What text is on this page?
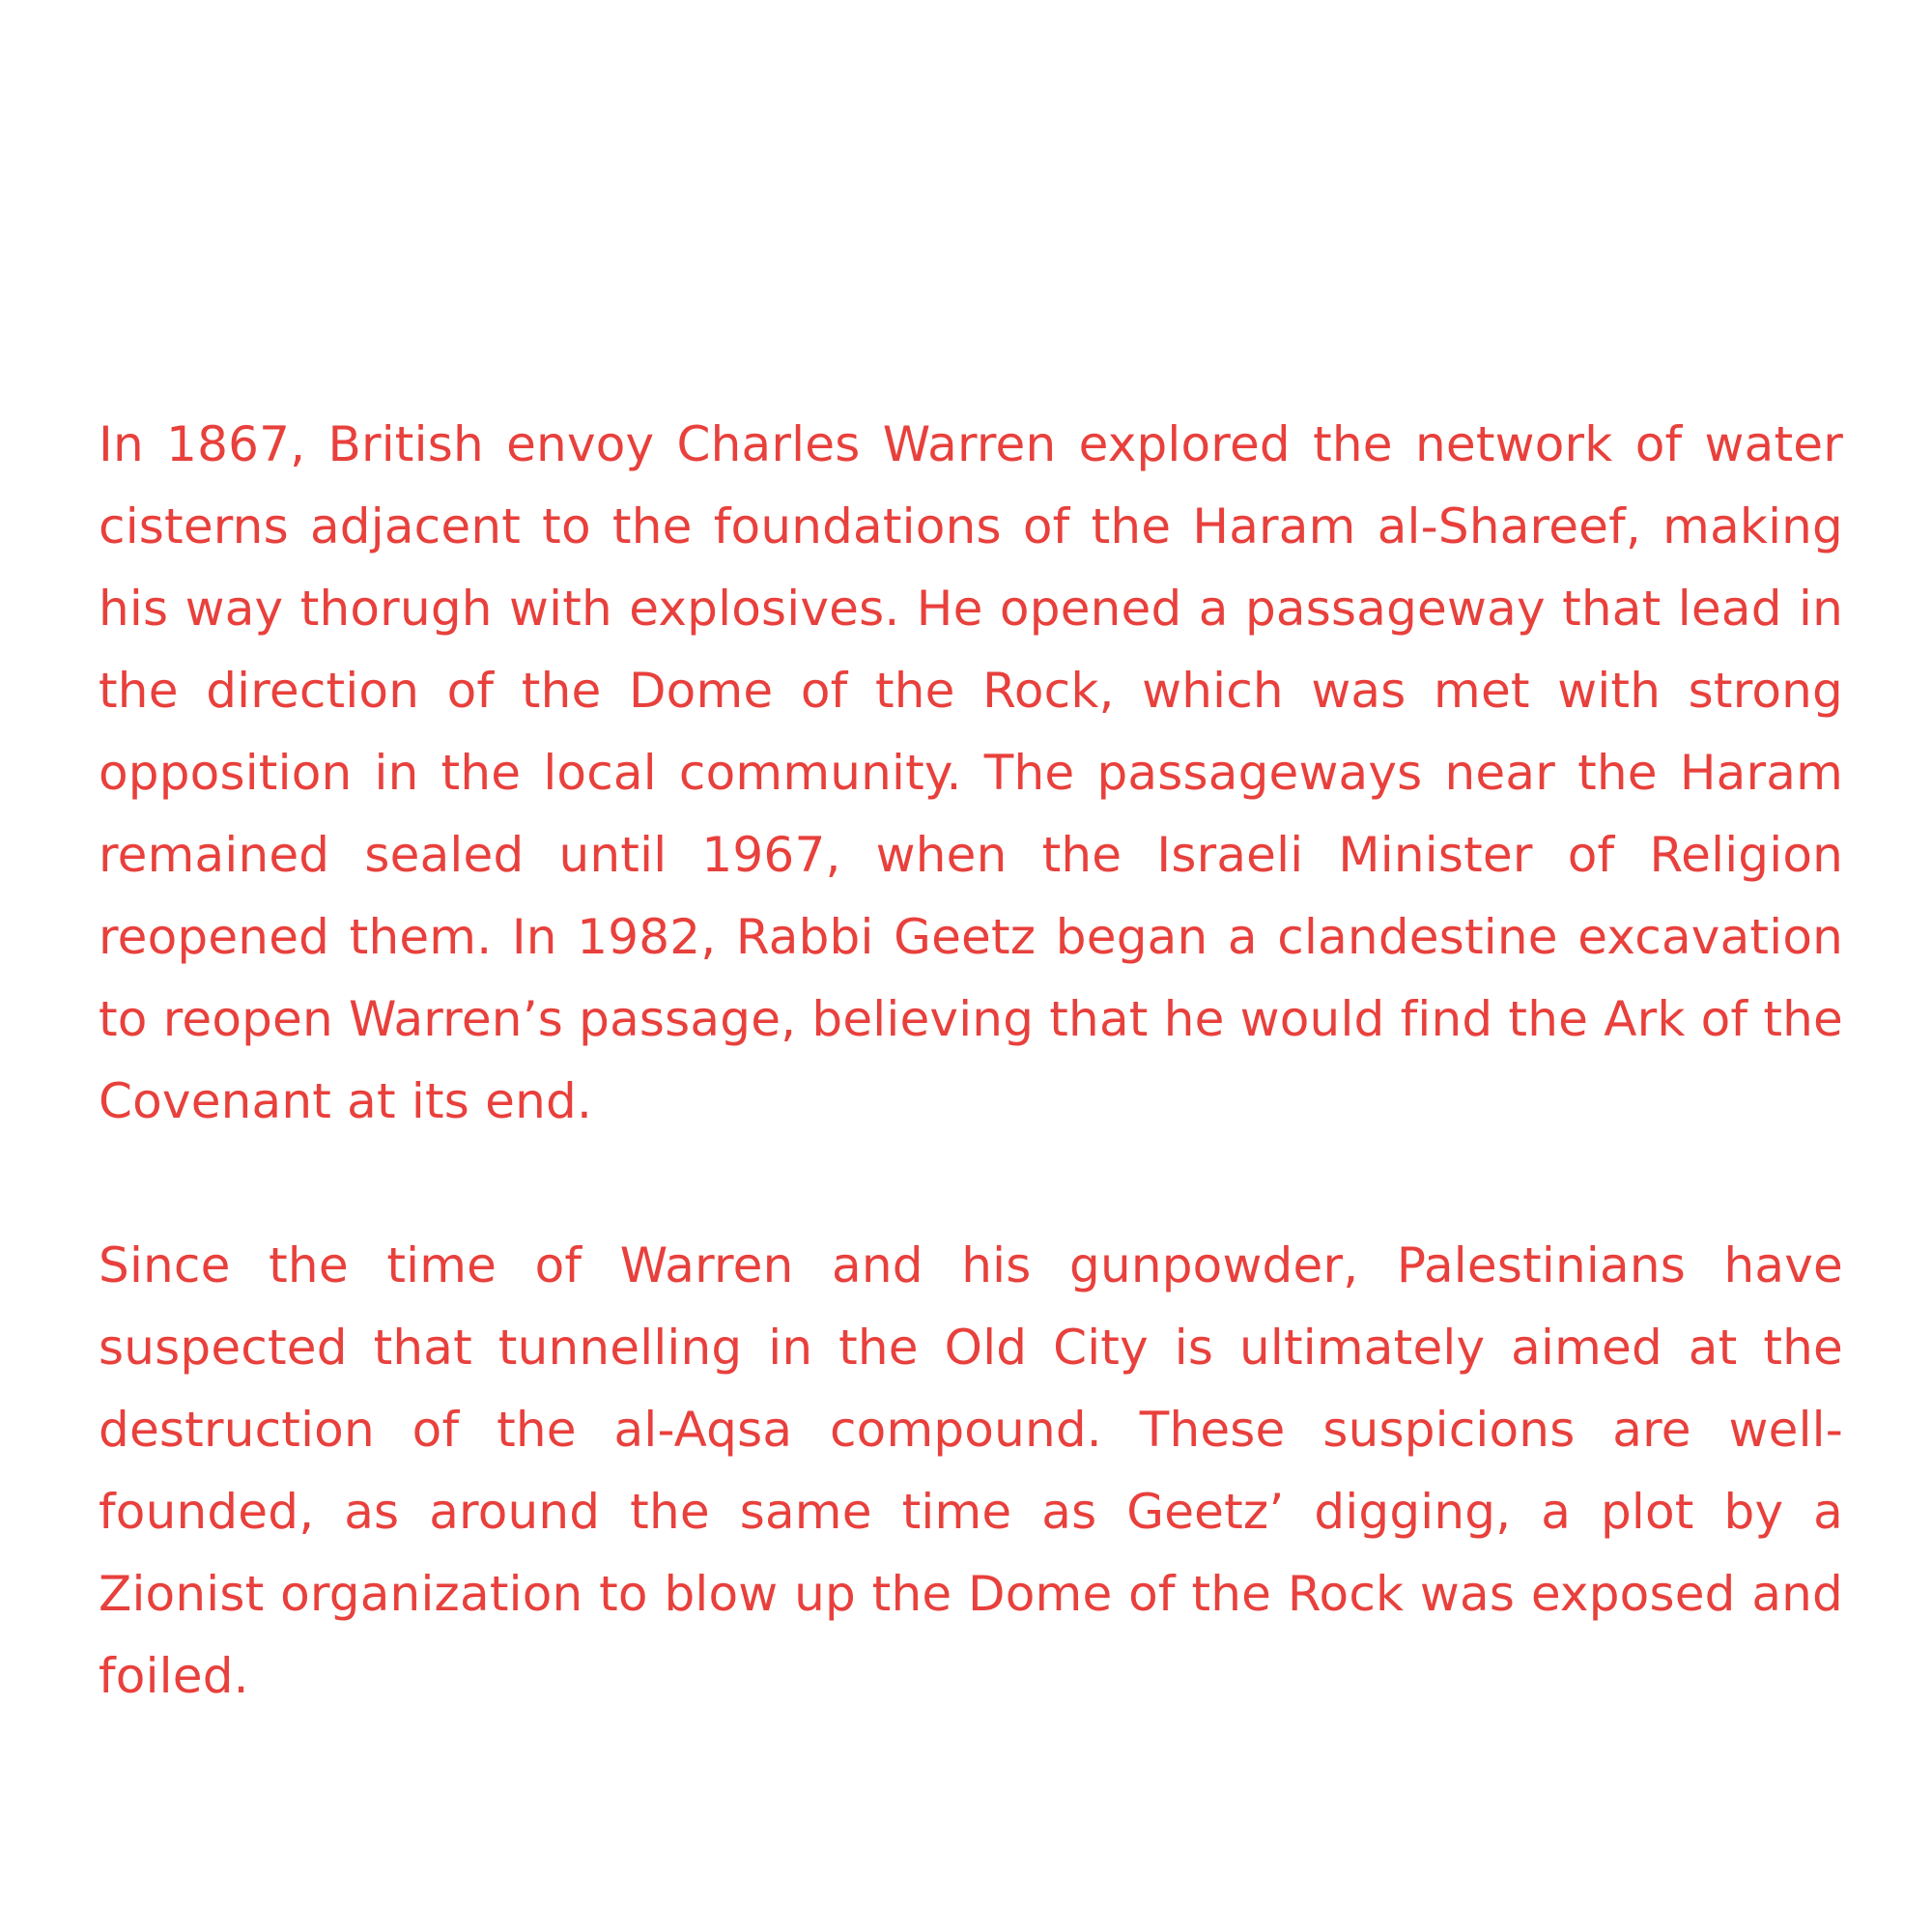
In 1867, British envoy Charles Warren explored the network of water cisterns adjacent to the foundations of the Haram al-Shareef, making his way thorugh with explosives. He opened a passageway that lead in the direction of the Dome of the Rock, which was met with strong opposition in the local community. The passageways near the Haram remained sealed until 1967, when the Israeli Minister of Religion reopened them. In 1982, Rabbi Geetz began a clandestine excavation to reopen Warren’s passage, believing that he would find the Ark of the Covenant at its end.

Since the time of Warren and his gunpowder, Palestinians have suspected that tunnelling in the Old City is ultimately aimed at the destruction of the al-Aqsa compound. These suspicions are well-founded, as around the same time as Geetz’ digging, a plot by a Zionist organization to blow up the Dome of the Rock was exposed and foiled.
